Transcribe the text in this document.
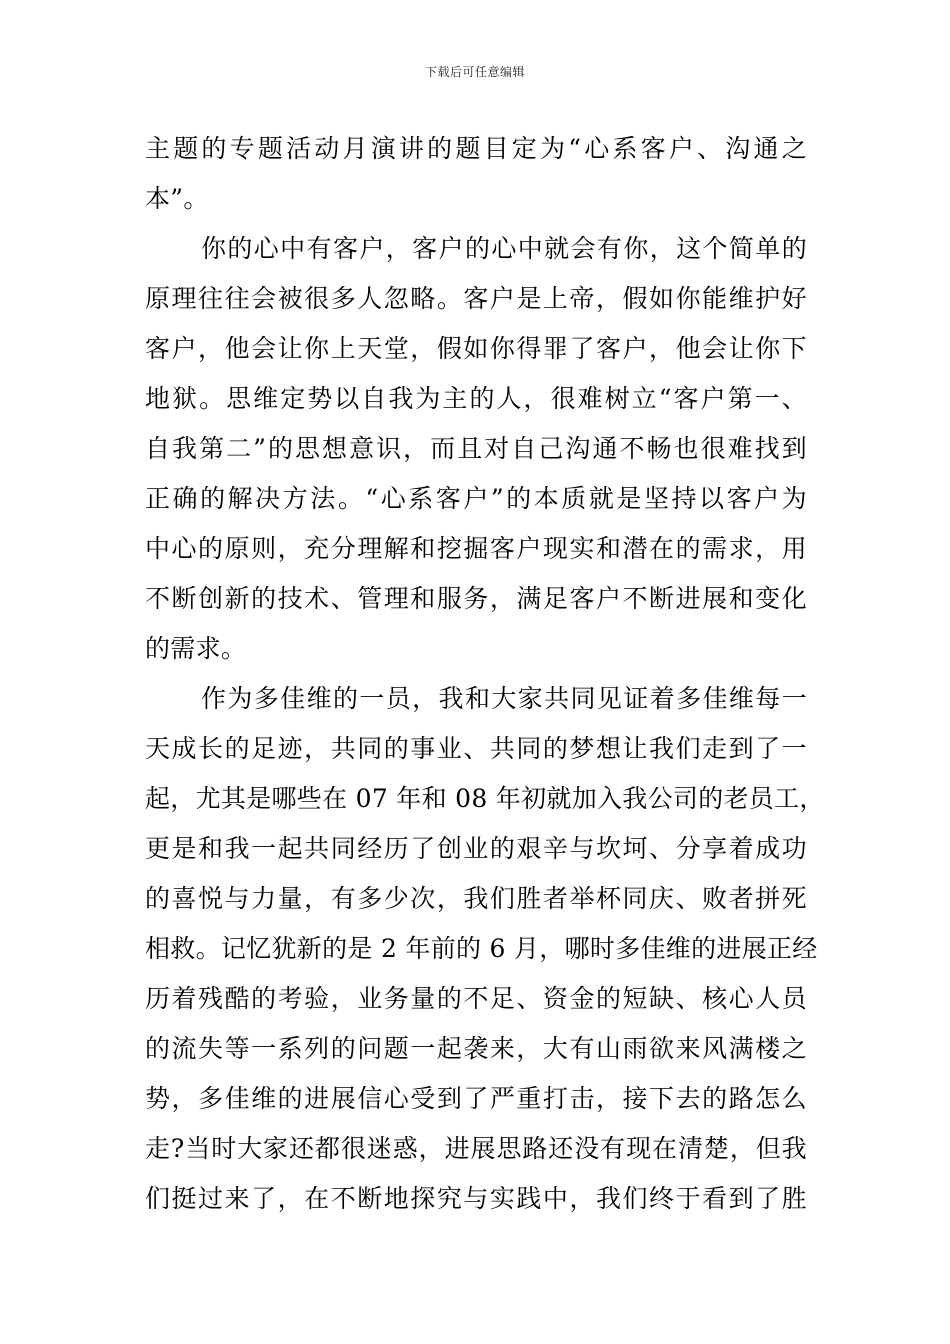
下载后可任意编辑
主题的专题活动月演讲的题目定为“心系客户、沟通之
本”。
你的心中有客户，客户的心中就会有你，这个简单的
原理往往会被很多人忽略。客户是上帝，假如你能维护好
客户，他会让你上天堂，假如你得罪了客户，他会让你下
地狱。思维定势以自我为主的人，很难树立“客户第一、
自我第二”的思想意识，而且对自己沟通不畅也很难找到
正确的解决方法。“心系客户”的本质就是坚持以客户为
中心的原则，充分理解和挖掘客户现实和潜在的需求，用
不断创新的技术、管理和服务，满足客户不断进展和变化
的需求。
作为多佳维的一员，我和大家共同见证着多佳维每一
天成长的足迹，共同的事业、共同的梦想让我们走到了一
起，尤其是哪些在 07 年和 08 年初就加入我公司的老员工，
更是和我一起共同经历了创业的艰辛与坎坷、分享着成功
的喜悦与力量，有多少次，我们胜者举杯同庆、败者拼死
相救。记忆犹新的是 2 年前的 6 月，哪时多佳维的进展正经
历着残酷的考验，业务量的不足、资金的短缺、核心人员
的流失等一系列的问题一起袭来，大有山雨欲来风满楼之
势，多佳维的进展信心受到了严重打击，接下去的路怎么
走?当时大家还都很迷惑，进展思路还没有现在清楚，但我
们挺过来了，在不断地探究与实践中，我们终于看到了胜
